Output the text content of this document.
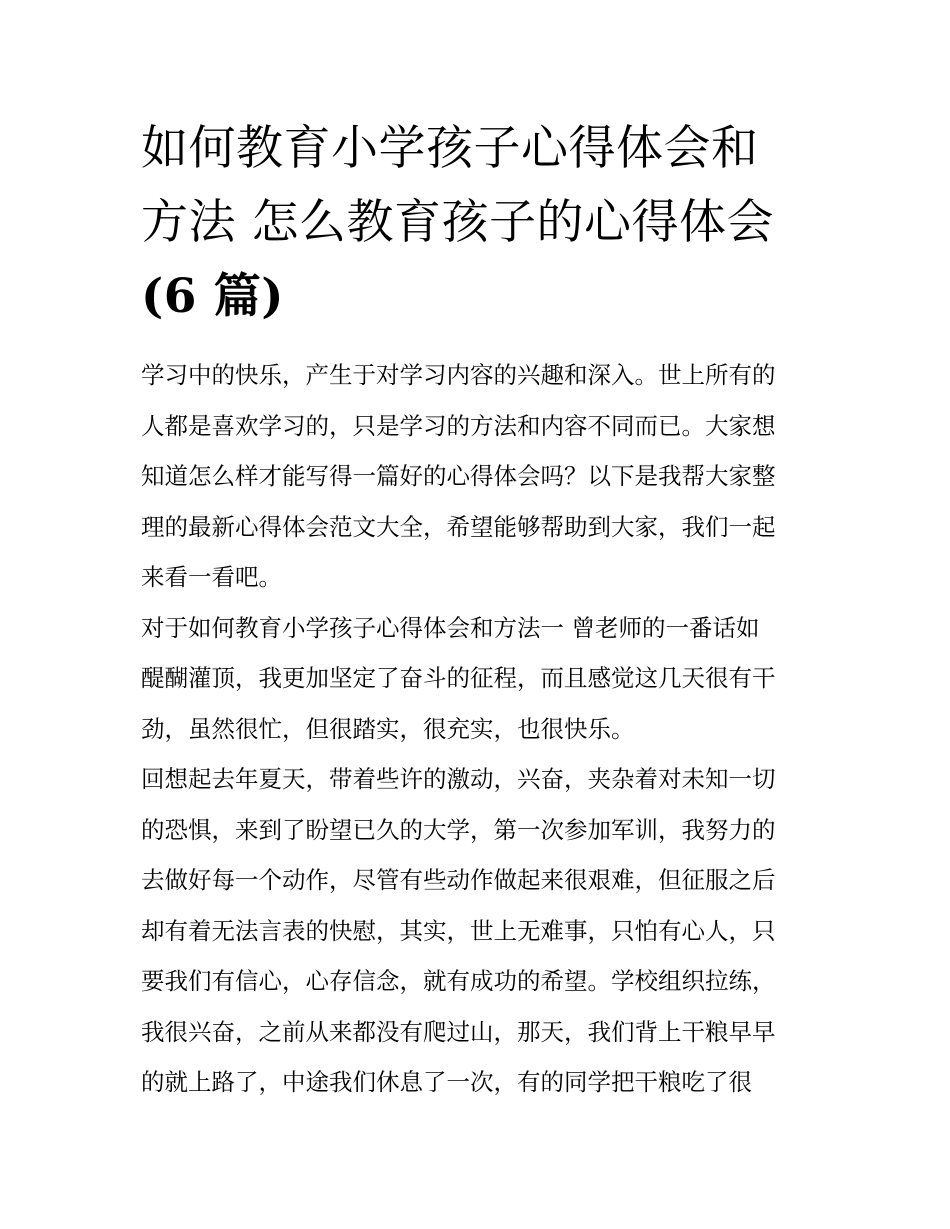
如何教育小学孩子心得体会和
方法 怎么教育孩子的心得体会
(6 篇)

学习中的快乐，产生于对学习内容的兴趣和深入。世上所有的
人都是喜欢学习的，只是学习的方法和内容不同而已。大家想
知道怎么样才能写得一篇好的心得体会吗？以下是我帮大家整
理的最新心得体会范文大全，希望能够帮助到大家，我们一起
来看一看吧。

对于如何教育小学孩子心得体会和方法一 曾老师的一番话如
醍醐灌顶，我更加坚定了奋斗的征程，而且感觉这几天很有干
劲，虽然很忙，但很踏实，很充实，也很快乐。

回想起去年夏天，带着些许的激动，兴奋，夹杂着对未知一切
的恐惧，来到了盼望已久的大学，第一次参加军训，我努力的
去做好每一个动作，尽管有些动作做起来很艰难，但征服之后
却有着无法言表的快慰，其实，世上无难事，只怕有心人，只
要我们有信心，心存信念，就有成功的希望。学校组织拉练，
我很兴奋，之前从来都没有爬过山，那天，我们背上干粮早早
的就上路了，中途我们休息了一次，有的同学把干粮吃了很
